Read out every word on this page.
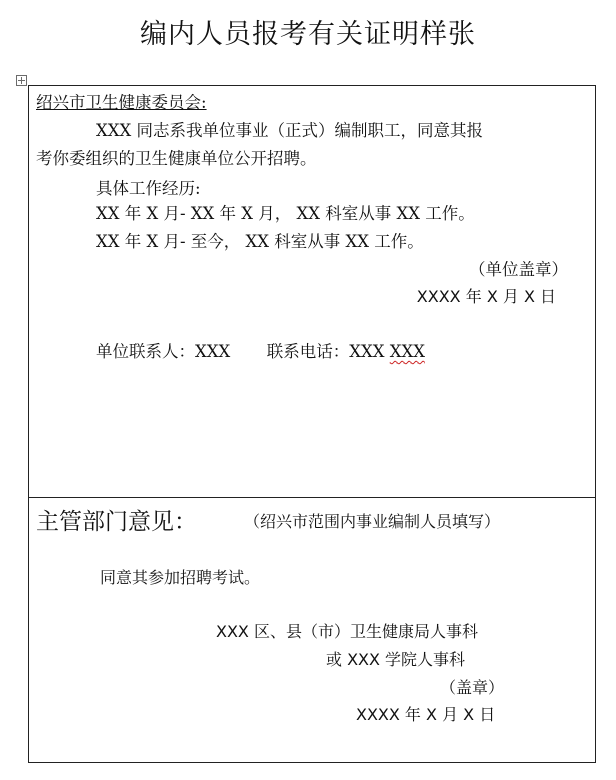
编内人员报考有关证明样张
绍兴市卫生健康委员会:
XXX 同志系我单位事业（正式）编制职工，同意其报
考你委组织的卫生健康单位公开招聘。
具体工作经历:
XX 年 X 月- XX 年 X 月， XX 科室从事 XX 工作。
XX 年 X 月- 至今， XX 科室从事 XX 工作。
（单位盖章）
XXXX 年 X 月 X 日
单位联系人：XXX 联系电话：XXX XXX
主管部门意见：	（绍兴市范围内事业编制人员填写）
同意其参加招聘考试。
XXX 区、县（市）卫生健康局人事科
或 XXX 学院人事科
（盖章）
XXXX 年 X 月 X 日
